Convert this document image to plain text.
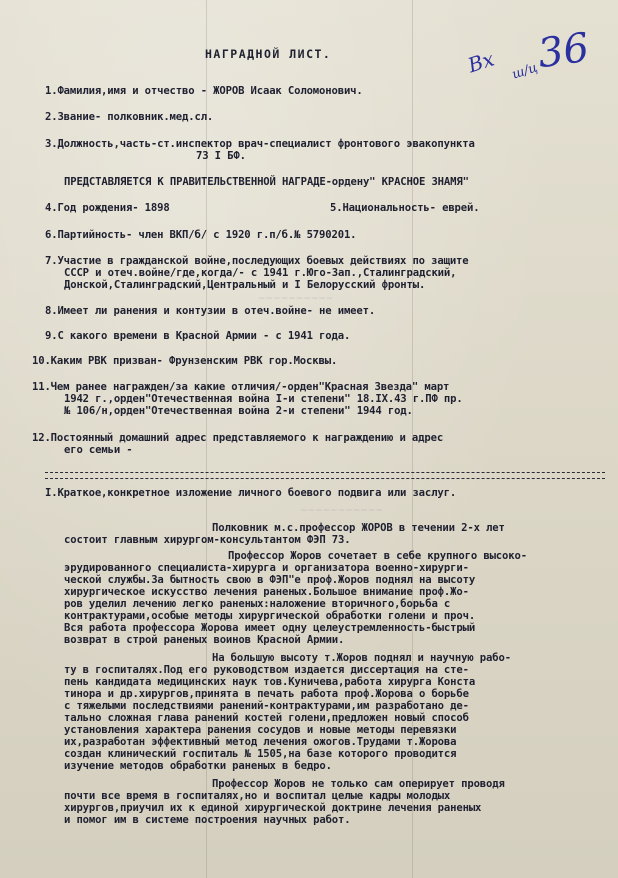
~~~~~~~~~~
~~~~~~~~~~~
Вх ш/ц
36
НАГРАДНОЙ ЛИСТ.
1.Фамилия,имя и отчество - ЖОРОВ Исаак Соломонович.
2.Звание- полковник.мед.сл.
3.Должность,часть-ст.инспектор врач-специалист фронтового эвакопункта
73 I БФ.
ПРЕДСТАВЛЯЕТСЯ К ПРАВИТЕЛЬСТВЕННОЙ НАГРАДЕ-ордену" КРАСНОЕ ЗНАМЯ"
4.Год рождения- 1898	5.Национальность- еврей.
6.Партийность- член ВКП/б/ с 1920 г.п/б.№ 5790201.
7.Участие в гражданской войне,последующих боевых действиях по защите
СССР и отеч.войне/где,когда/- с 1941 г.Юго-Зап.,Сталинградский,
Донской,Сталинградский,Центральный и I Белорусский фронты.
8.Имеет ли ранения и контузии в отеч.войне- не имеет.
9.С какого времени в Красной Армии - с 1941 года.
10.Каким РВК призван- Фрунзенским РВК гор.Москвы.
11.Чем ранее награжден/за какие отличия/-орден"Красная Звезда" март
1942 г.,орден"Отечественная война I-и степени" 18.IX.43 г.ПФ пр.
№ 106/н,орден"Отечественная война 2-и степени" 1944 год.
12.Постоянный домашний адрес представляемого к награждению и адрес
его семьи -
I.Краткое,конкретное изложение личного боевого подвига или заслуг.
Полковник м.с.профессор ЖОРОВ в течении 2-х лет
состоит главным хирургом-консультантом ФЭП 73.
Профессор Жоров сочетает в себе крупного высоко-
эрудированного специалиста-хирурга и организатора военно-хирурги-
ческой службы.За бытность свою в ФЭП"е проф.Жоров поднял на высоту
хирургическое искусство лечения раненых.Большое внимание проф.Жо-
ров уделил лечению легко раненых:наложение вторичного,борьба с
контрактурами,особые методы хирургической обработки голени и проч.
Вся работа профессора Жорова имеет одну целеустремленность-быстрый
возврат в строй раненых воинов Красной Армии.
На большую высоту т.Жоров поднял и научную рабо-
ту в госпиталях.Под его руководством издается диссертация на сте-
пень кандидата медицинских наук тов.Куничева,работа хирурга Конста
тинора и др.хирургов,принята в печать работа проф.Жорова о борьбе
с тяжелыми последствиями ранений-контрактурами,им разработано де-
тально сложная глава ранений костей голени,предложен новый способ
установления характера ранения сосудов и новые методы перевязки
их,разработан эффективный метод лечения ожогов.Трудами т.Жорова
создан клинический госпиталь № 1505,на базе которого проводится
изучение методов обработки раненых в бедро.
Профессор Жоров не только сам оперирует проводя
почти все время в госпиталях,но и воспитал целые кадры молодых
хирургов,приучил их к единой хирургической доктрине лечения раненых
и помог им в системе построения научных работ.
